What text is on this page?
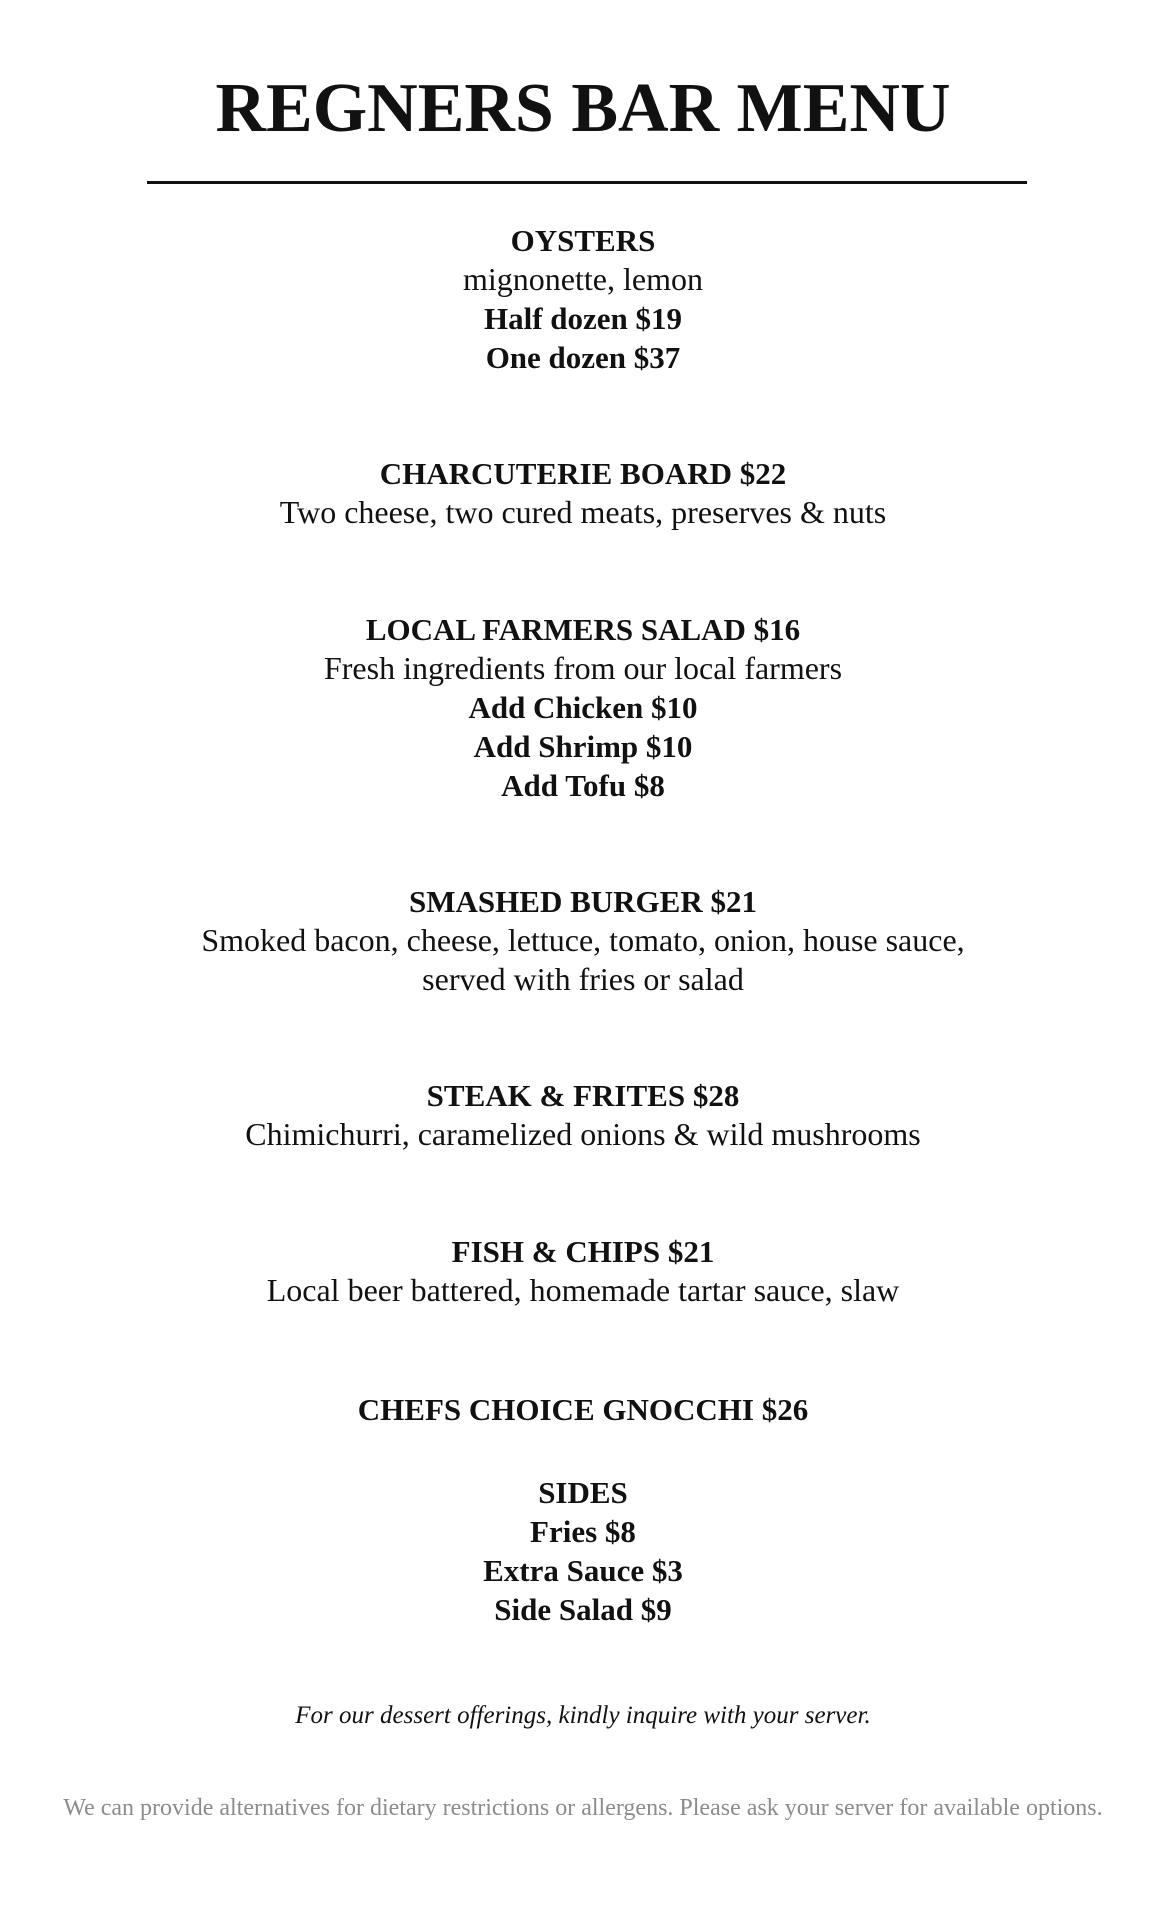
REGNERS BAR MENU
OYSTERS
mignonette, lemon
Half dozen $19
One dozen $37
CHARCUTERIE BOARD $22
Two cheese, two cured meats, preserves & nuts
LOCAL FARMERS SALAD $16
Fresh ingredients from our local farmers
Add Chicken $10
Add Shrimp $10
Add Tofu $8
SMASHED BURGER $21
Smoked bacon, cheese, lettuce, tomato, onion, house sauce,
served with fries or salad
STEAK & FRITES $28
Chimichurri, caramelized onions & wild mushrooms
FISH & CHIPS $21
Local beer battered, homemade tartar sauce, slaw
CHEFS CHOICE GNOCCHI $26
SIDES
Fries $8
Extra Sauce $3
Side Salad $9
For our dessert offerings, kindly inquire with your server.
We can provide alternatives for dietary restrictions or allergens. Please ask your server for available options.
